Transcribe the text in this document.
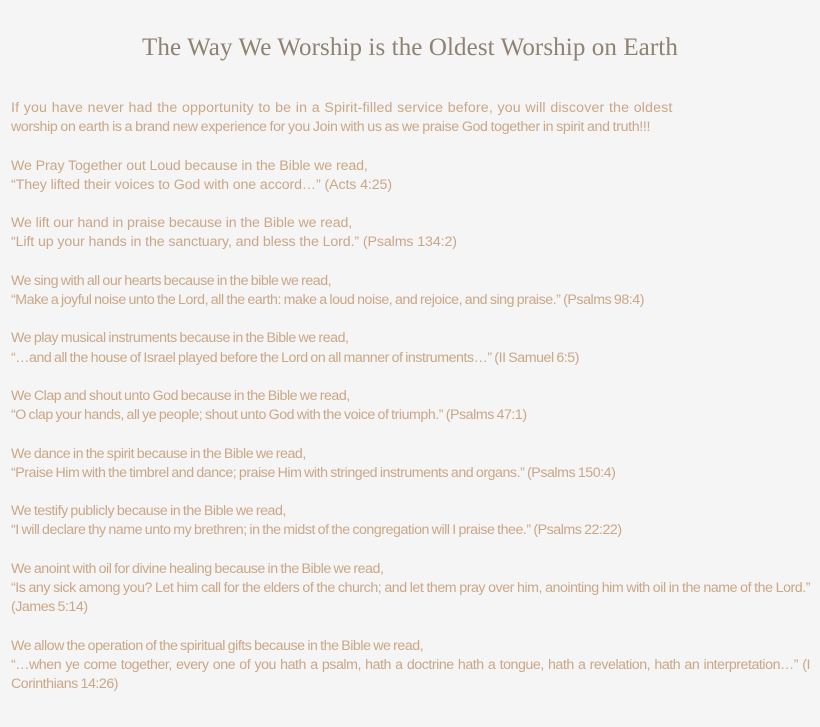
The Way We Worship is the Oldest Worship on Earth

If you have never had the opportunity to be in a Spirit-filled service before, you will discover the oldest
worship on earth is a brand new experience for you Join with us as we praise God together in spirit and truth!!!

We Pray Together out Loud because in the Bible we read,

“They lifted their voices to God with one accord…” (Acts 4:25)

We lift our hand in praise because in the Bible we read,

“Lift up your hands in the sanctuary, and bless the Lord.” (Psalms 134:2)

We sing with all our hearts because in the bible we read,

“Make a joyful noise unto the Lord, all the earth: make a loud noise, and rejoice, and sing praise.” (Psalms 98:4)

We play musical instruments because in the Bible we read,

“…and all the house of Israel played before the Lord on all manner of instruments…” (II Samuel 6:5)

We Clap and shout unto God because in the Bible we read,

“O clap your hands, all ye people; shout unto God with the voice of triumph.” (Psalms 47:1)

We dance in the spirit because in the Bible we read,

“Praise Him with the timbrel and dance; praise Him with stringed instruments and organs.” (Psalms 150:4)

We testify publicly because in the Bible we read,

“I will declare thy name unto my brethren; in the midst of the congregation will I praise thee.” (Psalms 22:22)

We anoint with oil for divine healing because in the Bible we read,

“Is any sick among you? Let him call for the elders of the church; and let them pray over him, anointing him with oil in the name of the Lord.” (James 5:14)

We allow the operation of the spiritual gifts because in the Bible we read,

“…when ye come together, every one of you hath a psalm, hath a doctrine hath a tongue, hath a revelation, hath an interpretation…” (I Corinthians 14:26)
